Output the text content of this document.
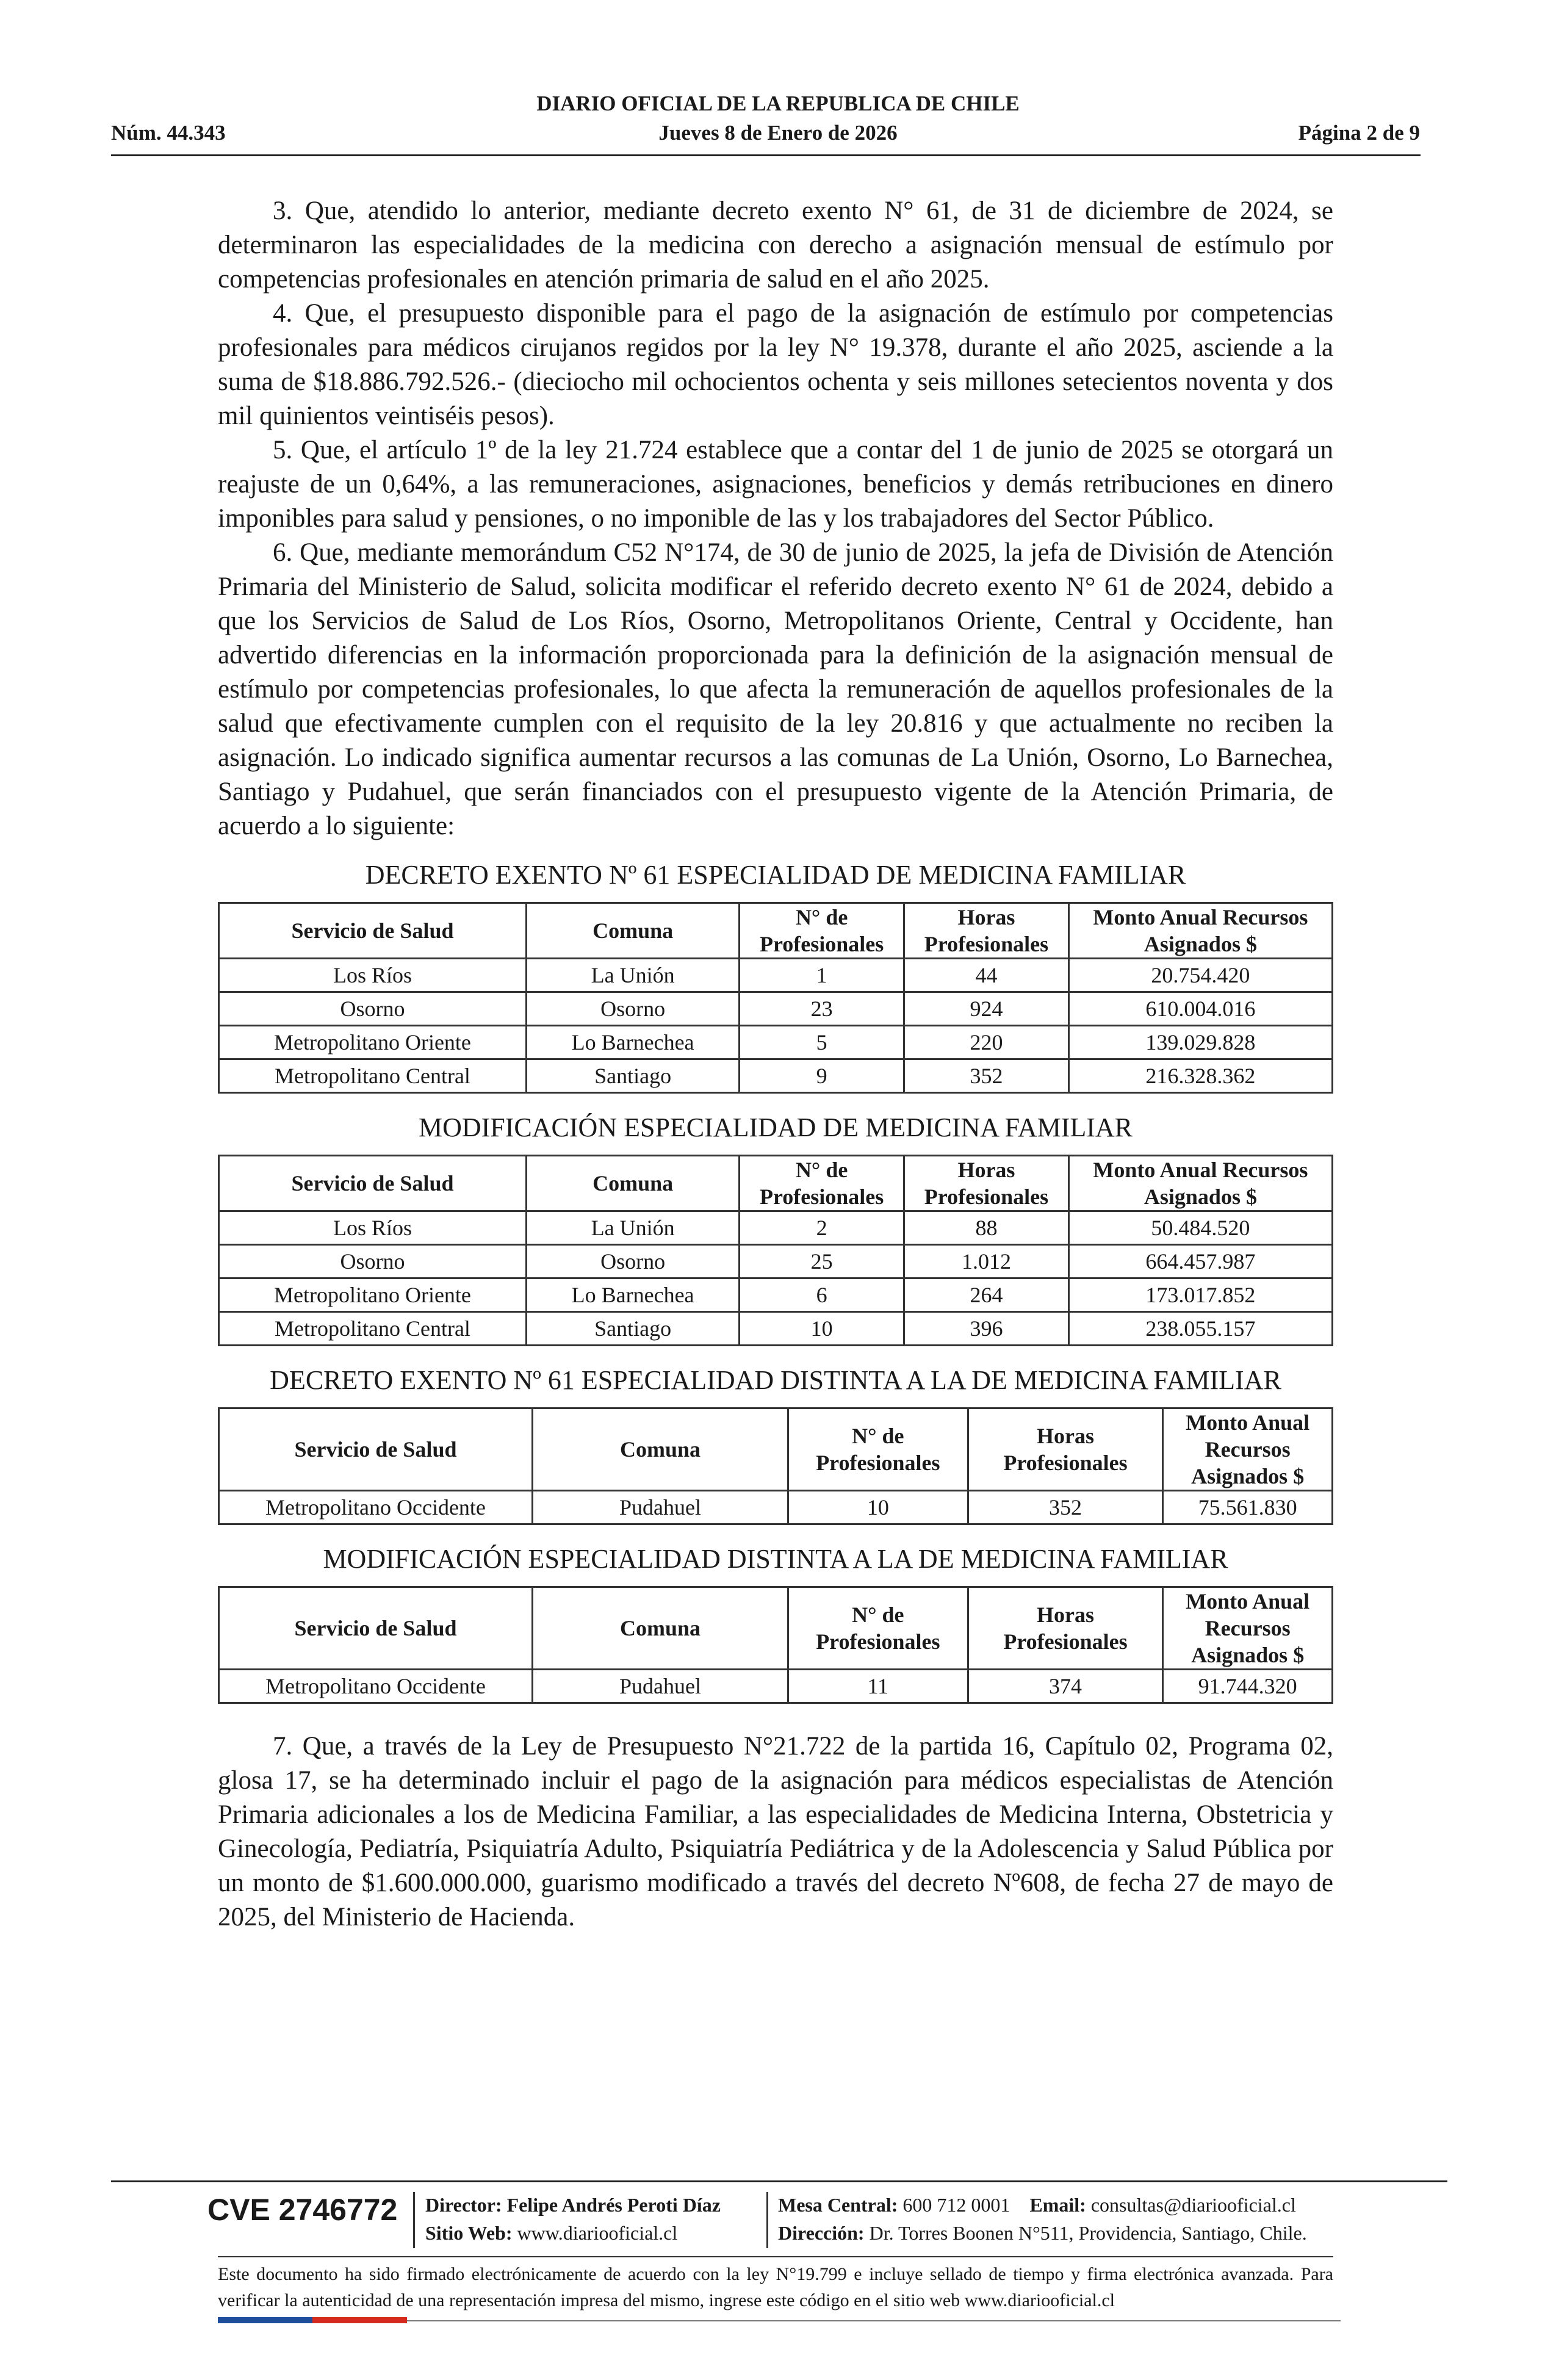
DIARIO OFICIAL DE LA REPUBLICA DE CHILE
Núm. 44.343	Jueves 8 de Enero de 2026	Página 2 de 9

3. Que, atendido lo anterior, mediante decreto exento N° 61, de 31 de diciembre de 2024, se determinaron las especialidades de la medicina con derecho a asignación mensual de estímulo por competencias profesionales en atención primaria de salud en el año 2025.

4. Que, el presupuesto disponible para el pago de la asignación de estímulo por competencias profesionales para médicos cirujanos regidos por la ley N° 19.378, durante el año 2025, asciende a la suma de $18.886.792.526.- (dieciocho mil ochocientos ochenta y seis millones setecientos noventa y dos mil quinientos veintiséis pesos).

5. Que, el artículo 1º de la ley 21.724 establece que a contar del 1 de junio de 2025 se otorgará un reajuste de un 0,64%, a las remuneraciones, asignaciones, beneficios y demás retribuciones en dinero imponibles para salud y pensiones, o no imponible de las y los trabajadores del Sector Público.

6. Que, mediante memorándum C52 N°174, de 30 de junio de 2025, la jefa de División de Atención Primaria del Ministerio de Salud, solicita modificar el referido decreto exento N° 61 de 2024, debido a que los Servicios de Salud de Los Ríos, Osorno, Metropolitanos Oriente, Central y Occidente, han advertido diferencias en la información proporcionada para la definición de la asignación mensual de estímulo por competencias profesionales, lo que afecta la remuneración de aquellos profesionales de la salud que efectivamente cumplen con el requisito de la ley 20.816 y que actualmente no reciben la asignación. Lo indicado significa aumentar recursos a las comunas de La Unión, Osorno, Lo Barnechea, Santiago y Pudahuel, que serán financiados con el presupuesto vigente de la Atención Primaria, de acuerdo a lo siguiente:

DECRETO EXENTO Nº 61 ESPECIALIDAD DE MEDICINA FAMILIAR

Servicio de Salud	Comuna	N° de Profesionales	Horas Profesionales	Monto Anual Recursos Asignados $
Los Ríos	La Unión	1	44	20.754.420
Osorno	Osorno	23	924	610.004.016
Metropolitano Oriente	Lo Barnechea	5	220	139.029.828
Metropolitano Central	Santiago	9	352	216.328.362

MODIFICACIÓN ESPECIALIDAD DE MEDICINA FAMILIAR

Servicio de Salud	Comuna	N° de Profesionales	Horas Profesionales	Monto Anual Recursos Asignados $
Los Ríos	La Unión	2	88	50.484.520
Osorno	Osorno	25	1.012	664.457.987
Metropolitano Oriente	Lo Barnechea	6	264	173.017.852
Metropolitano Central	Santiago	10	396	238.055.157

DECRETO EXENTO Nº 61 ESPECIALIDAD DISTINTA A LA DE MEDICINA FAMILIAR

Servicio de Salud	Comuna	N° de Profesionales	Horas Profesionales	Monto Anual Recursos Asignados $
Metropolitano Occidente	Pudahuel	10	352	75.561.830

MODIFICACIÓN ESPECIALIDAD DISTINTA A LA DE MEDICINA FAMILIAR

Servicio de Salud	Comuna	N° de Profesionales	Horas Profesionales	Monto Anual Recursos Asignados $
Metropolitano Occidente	Pudahuel	11	374	91.744.320

7. Que, a través de la Ley de Presupuesto N°21.722 de la partida 16, Capítulo 02, Programa 02, glosa 17, se ha determinado incluir el pago de la asignación para médicos especialistas de Atención Primaria adicionales a los de Medicina Familiar, a las especialidades de Medicina Interna, Obstetricia y Ginecología, Pediatría, Psiquiatría Adulto, Psiquiatría Pediátrica y de la Adolescencia y Salud Pública por un monto de $1.600.000.000, guarismo modificado a través del decreto Nº608, de fecha 27 de mayo de 2025, del Ministerio de Hacienda.

CVE 2746772 Director: Felipe Andrés Peroti Díaz
Sitio Web: www.diariooficial.cl
Mesa Central: 600 712 0001 Email: consultas@diariooficial.cl
Dirección: Dr. Torres Boonen N°511, Providencia, Santiago, Chile.
Este documento ha sido firmado electrónicamente de acuerdo con la ley N°19.799 e incluye sellado de tiempo y firma electrónica avanzada. Para verificar la autenticidad de una representación impresa del mismo, ingrese este código en el sitio web www.diariooficial.cl
